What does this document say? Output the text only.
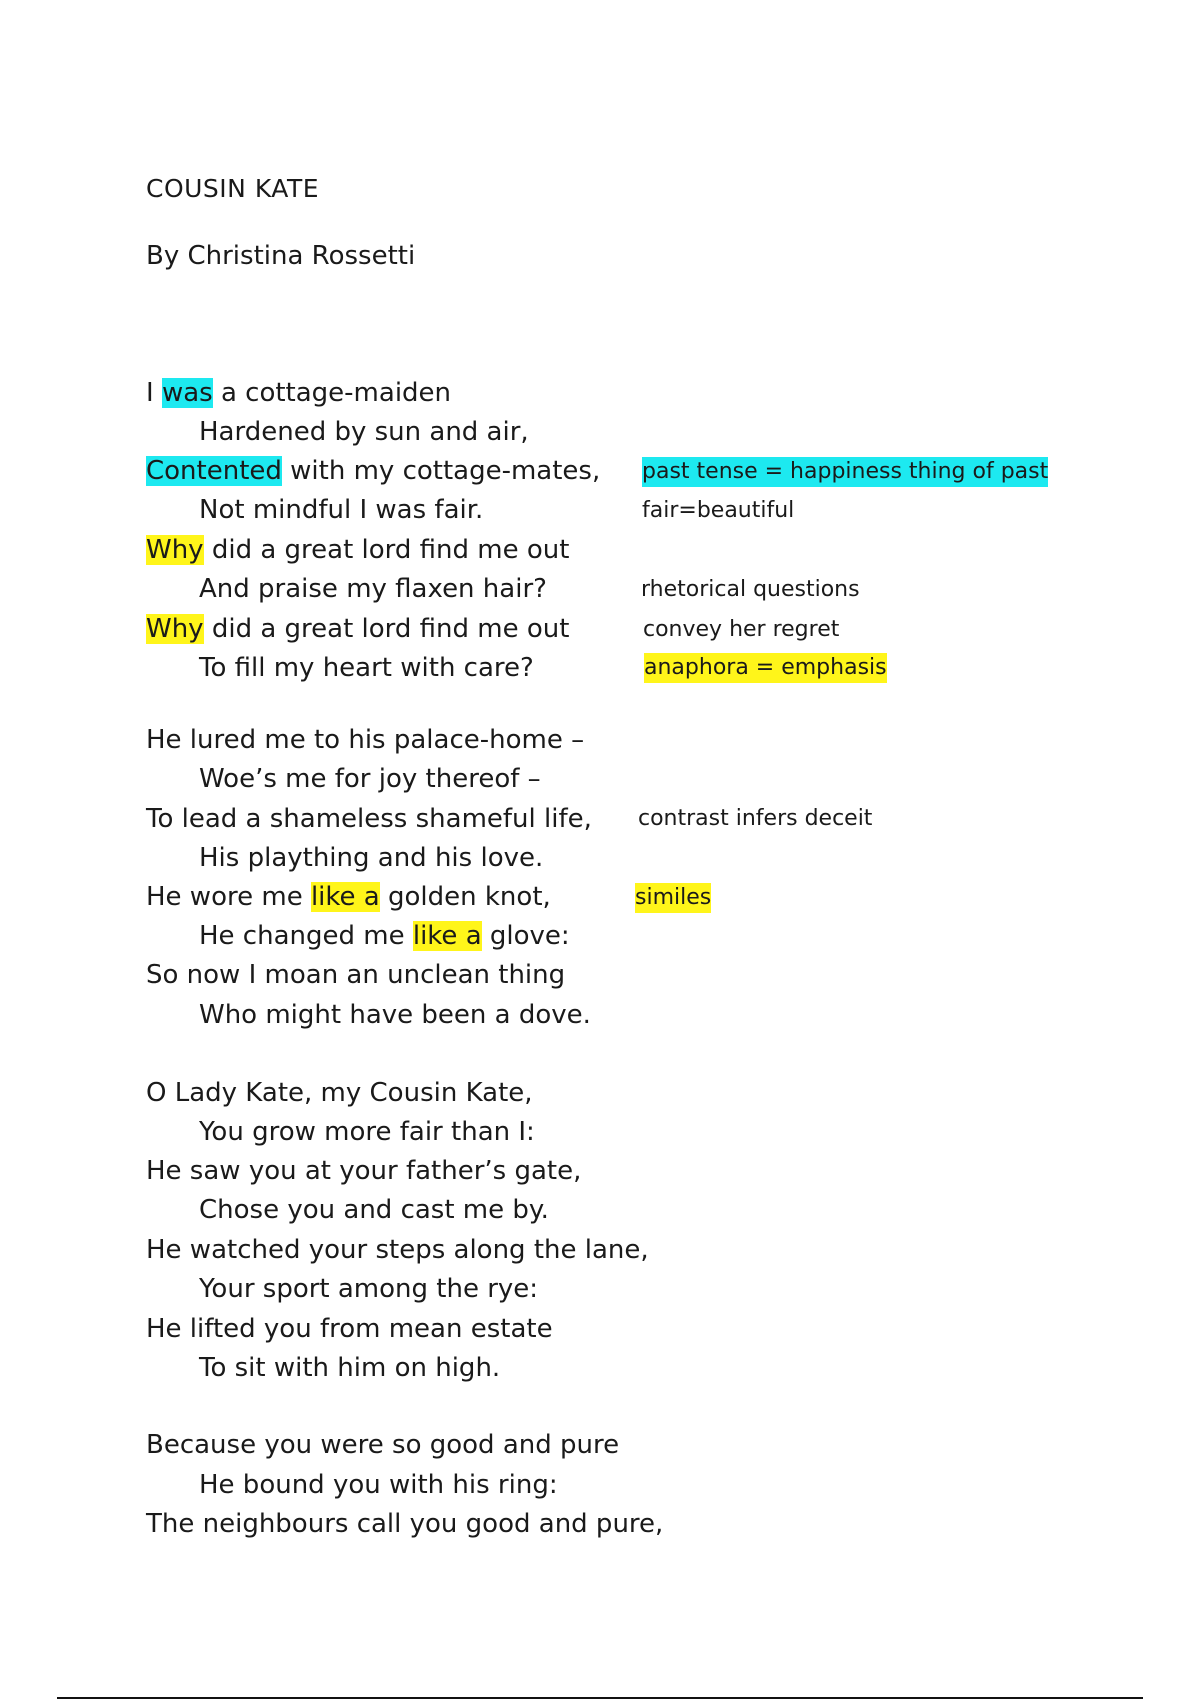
COUSIN KATE
By Christina Rossetti
I was a cottage-maiden
Hardened by sun and air,
Contented with my cottage-mates,
Not mindful I was fair.
Why did a great lord find me out
And praise my flaxen hair?
Why did a great lord find me out
To fill my heart with care?
He lured me to his palace-home –
Woe’s me for joy thereof –
To lead a shameless shameful life,
His plaything and his love.
He wore me like a golden knot,
He changed me like a glove:
So now I moan an unclean thing
Who might have been a dove.
O Lady Kate, my Cousin Kate,
You grow more fair than I:
He saw you at your father’s gate,
Chose you and cast me by.
He watched your steps along the lane,
Your sport among the rye:
He lifted you from mean estate
To sit with him on high.
Because you were so good and pure
He bound you with his ring:
The neighbours call you good and pure,
past tense = happiness thing of past
fair=beautiful
rhetorical questions
convey her regret
anaphora = emphasis
contrast infers deceit
similes
